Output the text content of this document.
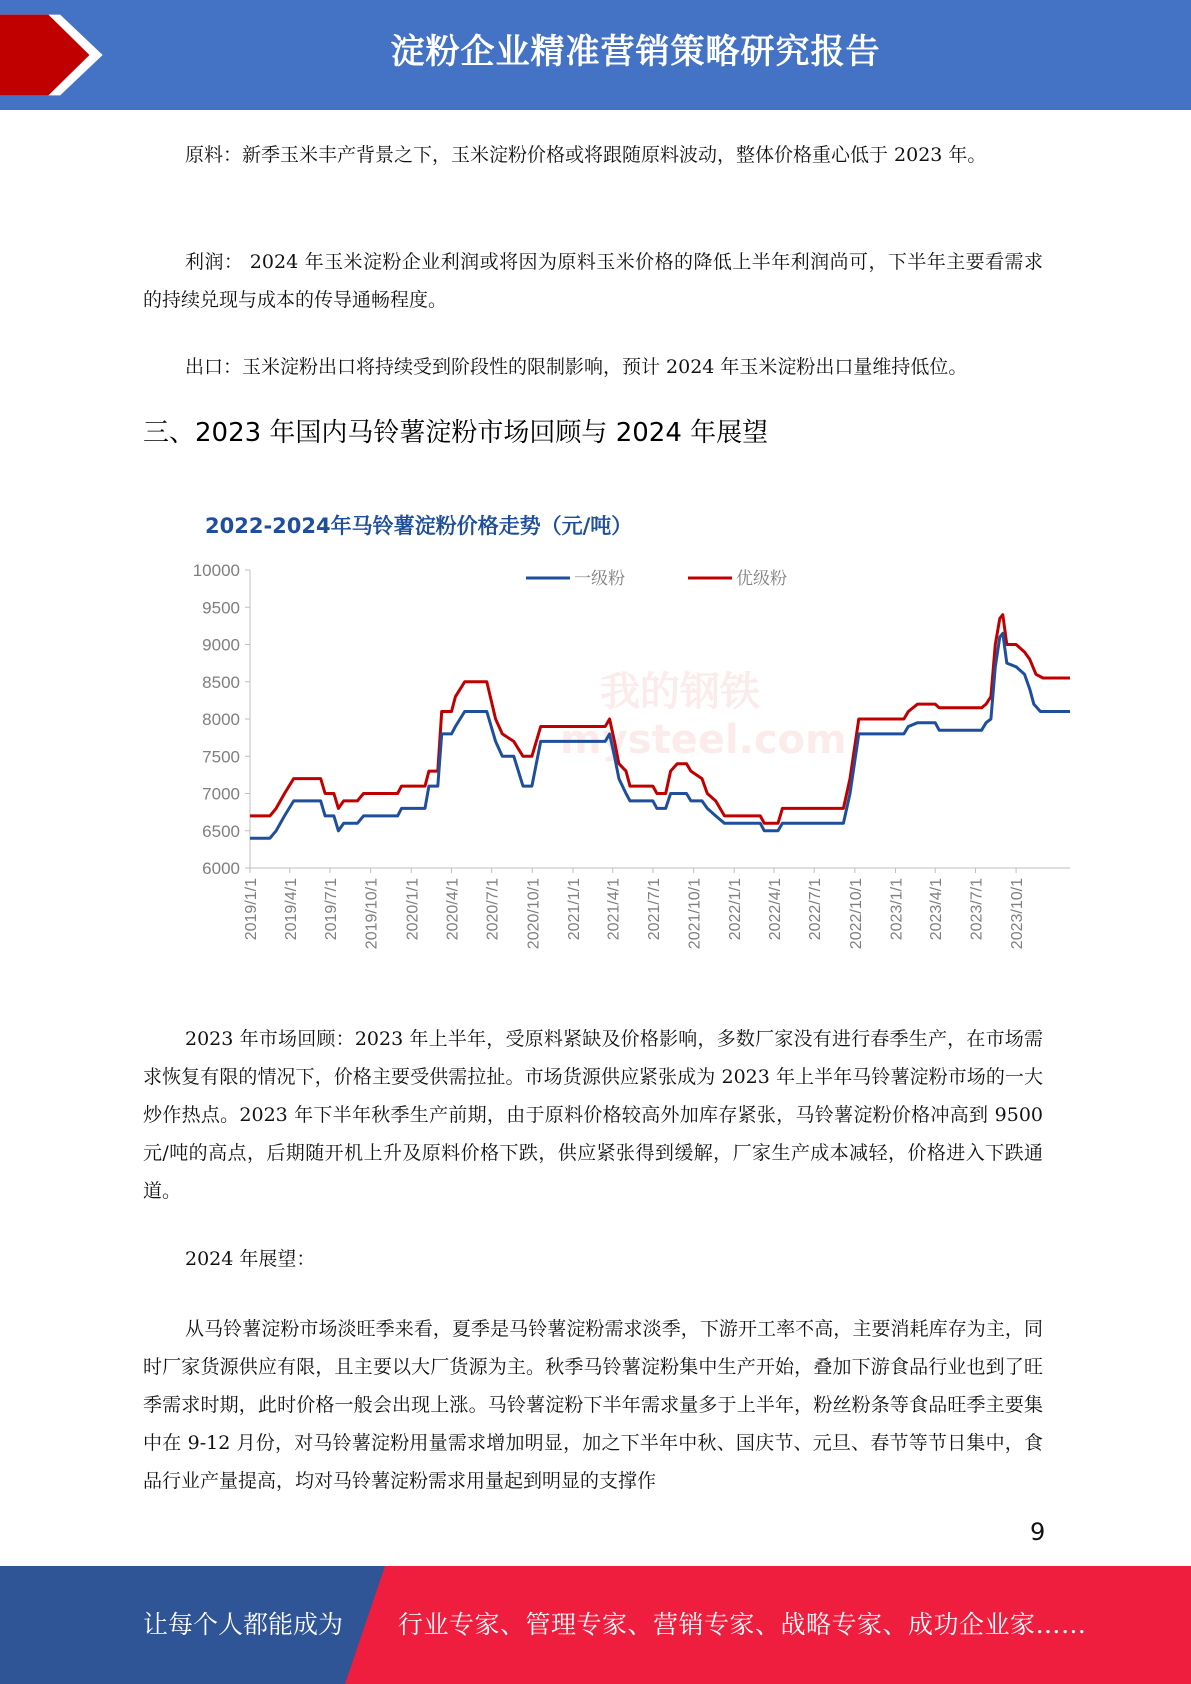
淀粉企业精准营销策略研究报告

原料：新季玉米丰产背景之下，玉米淀粉价格或将跟随原料波动，整体价格重心低于 2023 年。

利润： 2024 年玉米淀粉企业利润或将因为原料玉米价格的降低上半年利润尚可，下半年主要看需求的持续兑现与成本的传导通畅程度。

出口：玉米淀粉出口将持续受到阶段性的限制影响，预计 2024 年玉米淀粉出口量维持低位。

三、2023 年国内马铃薯淀粉市场回顾与 2024 年展望
2022-2024年马铃薯淀粉价格走势（元/吨）
我的钢铁 mysteel.com
10000
9500
9000
8500
8000
7500
7000
6500
6000
2019/1/1 2019/4/1 2019/7/1 2019/10/1 2020/1/1 2020/4/1 2020/7/1 2020/10/1 2021/1/1 2021/4/1 2021/7/1 2021/10/1 2022/1/1 2022/4/1 2022/7/1 2022/10/1 2023/1/1 2023/4/1 2023/7/1 2023/10/1
一级粉	优级粉

2023 年市场回顾：2023 年上半年，受原料紧缺及价格影响，多数厂家没有进行春季生产，在市场需求恢复有限的情况下，价格主要受供需拉扯。市场货源供应紧张成为 2023 年上半年马铃薯淀粉市场的一大炒作热点。2023 年下半年秋季生产前期，由于原料价格较高外加库存紧张，马铃薯淀粉价格冲高到 9500 元/吨的高点，后期随开机上升及原料价格下跌，供应紧张得到缓解，厂家生产成本减轻，价格进入下跌通道。

2024 年展望：

从马铃薯淀粉市场淡旺季来看，夏季是马铃薯淀粉需求淡季，下游开工率不高，主要消耗库存为主，同时厂家货源供应有限，且主要以大厂货源为主。秋季马铃薯淀粉集中生产开始，叠加下游食品行业也到了旺季需求时期，此时价格一般会出现上涨。马铃薯淀粉下半年需求量多于上半年，粉丝粉条等食品旺季主要集中在 9-12 月份，对马铃薯淀粉用量需求增加明显，加之下半年中秋、国庆节、元旦、春节等节日集中，食品行业产量提高，均对马铃薯淀粉需求用量起到明显的支撑作

9
让每个人都能成为 行业专家、管理专家、营销专家、战略专家、成功企业家……
